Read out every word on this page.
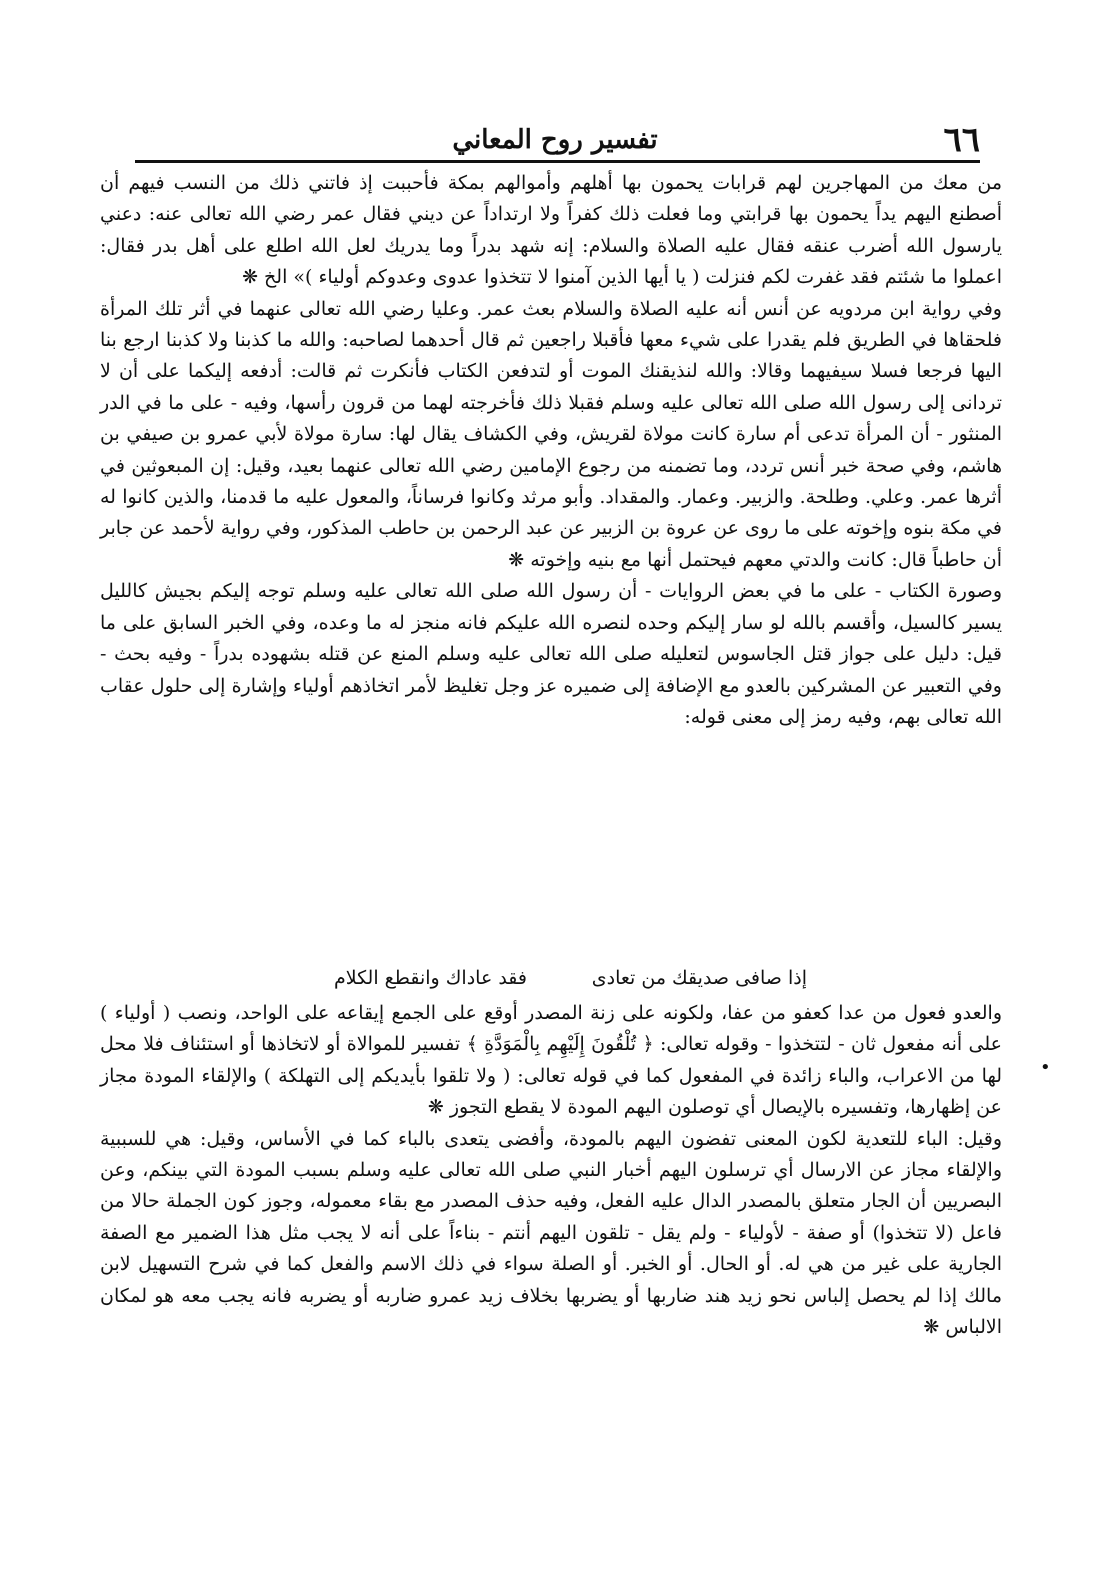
٦٦
تفسير روح المعاني

من معك من المهاجرين لهم قرابات يحمون بها أهلهم وأموالهم بمكة فأحببت إذ فاتني ذلك من النسب فيهم أن أصطنع اليهم يداً يحمون بها قرابتي وما فعلت ذلك كفراً ولا ارتداداً عن ديني فقال عمر رضي الله تعالى عنه: دعني يارسول الله أضرب عنقه فقال عليه الصلاة والسلام: إنه شهد بدراً وما يدريك لعل الله اطلع على أهل بدر فقال: اعملوا ما شئتم فقد غفرت لكم فنزلت ( يا أيها الذين آمنوا لا تتخذوا عدوى وعدوكم أولياء )» الخ ❋

وفي رواية ابن مردويه عن أنس أنه عليه الصلاة والسلام بعث عمر. وعليا رضي الله تعالى عنهما في أثر تلك المرأة فلحقاها في الطريق فلم يقدرا على شيء معها فأقبلا راجعين ثم قال أحدهما لصاحبه: والله ما كذبنا ولا كذبنا ارجع بنا اليها فرجعا فسلا سيفيهما وقالا: والله لنذيقنك الموت أو لتدفعن الكتاب فأنكرت ثم قالت: أدفعه إليكما على أن لا تردانى إلى رسول الله صلى الله تعالى عليه وسلم فقبلا ذلك فأخرجته لهما من قرون رأسها، وفيه - على ما في الدر المنثور - أن المرأة تدعى أم سارة كانت مولاة لقريش، وفي الكشاف يقال لها: سارة مولاة لأبي عمرو بن صيفي بن هاشم، وفي صحة خبر أنس تردد، وما تضمنه من رجوع الإمامين رضي الله تعالى عنهما بعيد، وقيل: إن المبعوثين في أثرها عمر. وعلي. وطلحة. والزبير. وعمار. والمقداد. وأبو مرثد وكانوا فرساناً، والمعول عليه ما قدمنا، والذين كانوا له في مكة بنوه وإخوته على ما روى عن عروة بن الزبير عن عبد الرحمن بن حاطب المذكور، وفي رواية لأحمد عن جابر أن حاطباً قال: كانت والدتي معهم فيحتمل أنها مع بنيه وإخوته ❋

وصورة الكتاب - على ما في بعض الروايات - أن رسول الله صلى الله تعالى عليه وسلم توجه إليكم بجيش كالليل يسير كالسيل، وأقسم بالله لو سار إليكم وحده لنصره الله عليكم فانه منجز له ما وعده، وفي الخبر السابق على ما قيل: دليل على جواز قتل الجاسوس لتعليله صلى الله تعالى عليه وسلم المنع عن قتله بشهوده بدراً - وفيه بحث - وفي التعبير عن المشركين بالعدو مع الإضافة إلى ضميره عز وجل تغليظ لأمر اتخاذهم أولياء وإشارة إلى حلول عقاب الله تعالى بهم، وفيه رمز إلى معنى قوله:

إذا صافى صديقك من تعادى
فقد عاداك وانقطع الكلام

والعدو فعول من عدا كعفو من عفا، ولكونه على زنة المصدر أوقع على الجمع إيقاعه على الواحد، ونصب ( أولياء ) على أنه مفعول ثان - لتتخذوا - وقوله تعالى: ﴿ تُلْقُونَ إِلَيْهِم بِالْمَوَدَّةِ ﴾ تفسير للموالاة أو لاتخاذها أو استئناف فلا محل لها من الاعراب، والباء زائدة في المفعول كما في قوله تعالى: ( ولا تلقوا بأيديكم إلى التهلكة ) والإلقاء المودة مجاز عن إظهارها، وتفسيره بالإيصال أي توصلون اليهم المودة لا يقطع التجوز ❋

وقيل: الباء للتعدية لكون المعنى تفضون اليهم بالمودة، وأفضى يتعدى بالباء كما في الأساس، وقيل: هي للسببية والإلقاء مجاز عن الارسال أي ترسلون اليهم أخبار النبي صلى الله تعالى عليه وسلم بسبب المودة التي بينكم، وعن البصريين أن الجار متعلق بالمصدر الدال عليه الفعل، وفيه حذف المصدر مع بقاء معموله، وجوز كون الجملة حالا من فاعل (لا تتخذوا) أو صفة - لأولياء - ولم يقل - تلقون اليهم أنتم - بناءاً على أنه لا يجب مثل هذا الضمير مع الصفة الجارية على غير من هي له. أو الحال. أو الخبر. أو الصلة سواء في ذلك الاسم والفعل كما في شرح التسهيل لابن مالك إذا لم يحصل إلباس نحو زيد هند ضاربها أو يضربها بخلاف زيد عمرو ضاربه أو يضربه فانه يجب معه هو لمكان الالباس ❋

•
